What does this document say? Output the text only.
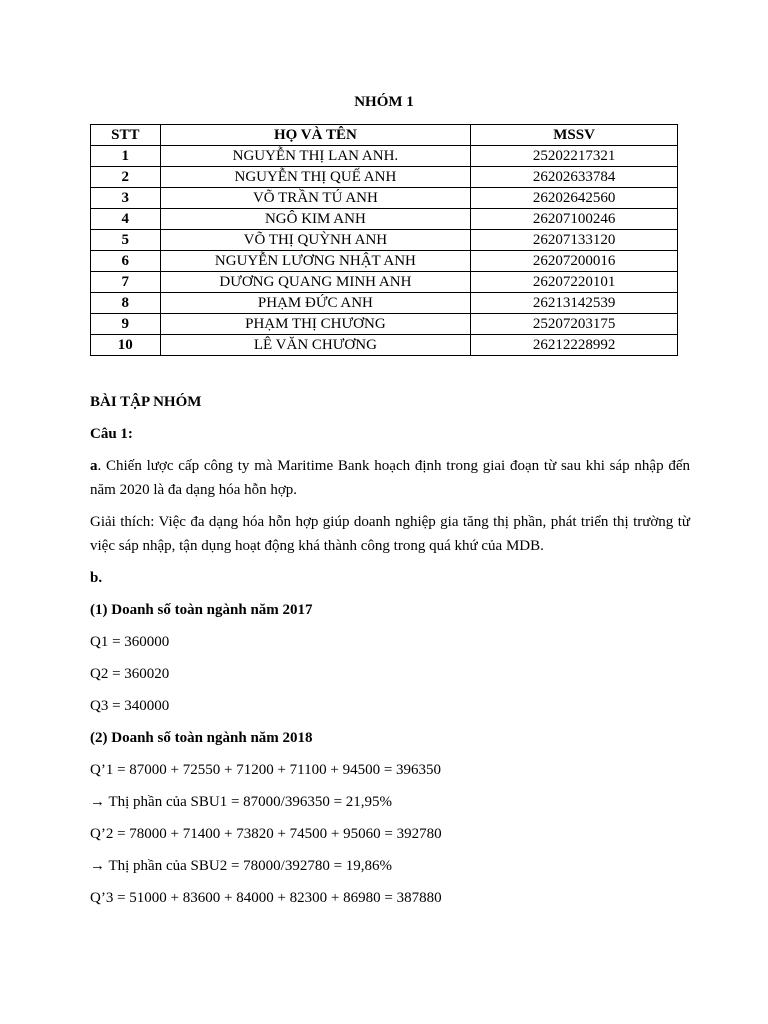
NHÓM 1
STT	HỌ VÀ TÊN	MSSV
1	NGUYỄN THỊ LAN ANH.	25202217321
2	NGUYỄN THỊ QUẾ ANH	26202633784
3	VÕ TRẦN TÚ ANH	26202642560
4	NGÔ KIM ANH	26207100246
5	VÕ THỊ QUỲNH ANH	26207133120
6	NGUYỄN LƯƠNG NHẬT ANH	26207200016
7	DƯƠNG QUANG MINH ANH	26207220101
8	PHẠM ĐỨC ANH	26213142539
9	PHẠM THỊ CHƯƠNG	25207203175
10	LÊ VĂN CHƯƠNG	26212228992

BÀI TẬP NHÓM

Câu 1:

a. Chiến lược cấp công ty mà Maritime Bank hoạch định trong giai đoạn từ sau khi sáp nhập đến năm 2020 là đa dạng hóa hỗn hợp.

Giải thích: Việc đa dạng hóa hỗn hợp giúp doanh nghiệp gia tăng thị phần, phát triển thị trường từ việc sáp nhập, tận dụng hoạt động khá thành công trong quá khứ của MDB.

b.

(1) Doanh số toàn ngành năm 2017

Q1 = 360000

Q2 = 360020

Q3 = 340000

(2) Doanh số toàn ngành năm 2018

Q’1 = 87000 + 72550 + 71200 + 71100 + 94500 = 396350

→ Thị phần của SBU1 = 87000/396350 = 21,95%

Q’2 = 78000 + 71400 + 73820 + 74500 + 95060 = 392780

→ Thị phần của SBU2 = 78000/392780 = 19,86%

Q’3 = 51000 + 83600 + 84000 + 82300 + 86980 = 387880
